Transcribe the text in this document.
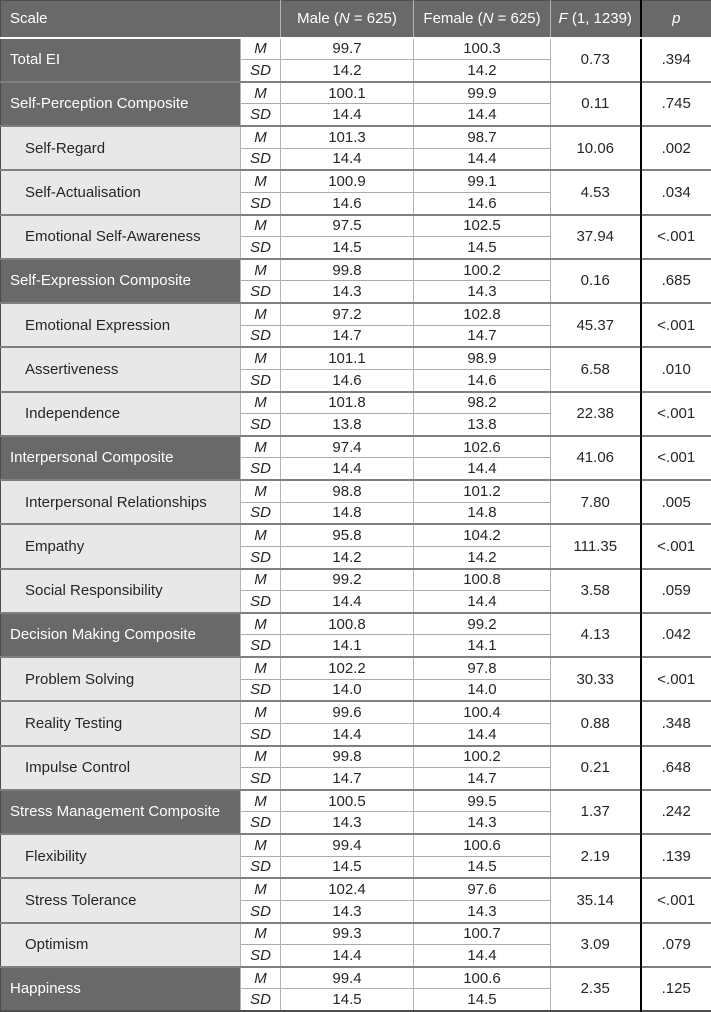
Scale		Male (N = 625)	Female (N = 625)	F (1, 1239)	p
Total EI	M	99.7	100.3	0.73	.394
	SD	14.2	14.2		
Self-Perception Composite	M	100.1	99.9	0.11	.745
	SD	14.4	14.4		
Self-Regard	M	101.3	98.7	10.06	.002
	SD	14.4	14.4		
Self-Actualisation	M	100.9	99.1	4.53	.034
	SD	14.6	14.6		
Emotional Self-Awareness	M	97.5	102.5	37.94	<.001
	SD	14.5	14.5		
Self-Expression Composite	M	99.8	100.2	0.16	.685
	SD	14.3	14.3		
Emotional Expression	M	97.2	102.8	45.37	<.001
	SD	14.7	14.7		
Assertiveness	M	101.1	98.9	6.58	.010
	SD	14.6	14.6		
Independence	M	101.8	98.2	22.38	<.001
	SD	13.8	13.8		
Interpersonal Composite	M	97.4	102.6	41.06	<.001
	SD	14.4	14.4		
Interpersonal Relationships	M	98.8	101.2	7.80	.005
	SD	14.8	14.8		
Empathy	M	95.8	104.2	111.35	<.001
	SD	14.2	14.2		
Social Responsibility	M	99.2	100.8	3.58	.059
	SD	14.4	14.4		
Decision Making Composite	M	100.8	99.2	4.13	.042
	SD	14.1	14.1		
Problem Solving	M	102.2	97.8	30.33	<.001
	SD	14.0	14.0		
Reality Testing	M	99.6	100.4	0.88	.348
	SD	14.4	14.4		
Impulse Control	M	99.8	100.2	0.21	.648
	SD	14.7	14.7		
Stress Management Composite	M	100.5	99.5	1.37	.242
	SD	14.3	14.3		
Flexibility	M	99.4	100.6	2.19	.139
	SD	14.5	14.5		
Stress Tolerance	M	102.4	97.6	35.14	<.001
	SD	14.3	14.3		
Optimism	M	99.3	100.7	3.09	.079
	SD	14.4	14.4		
Happiness	M	99.4	100.6	2.35	.125
	SD	14.5	14.5		
